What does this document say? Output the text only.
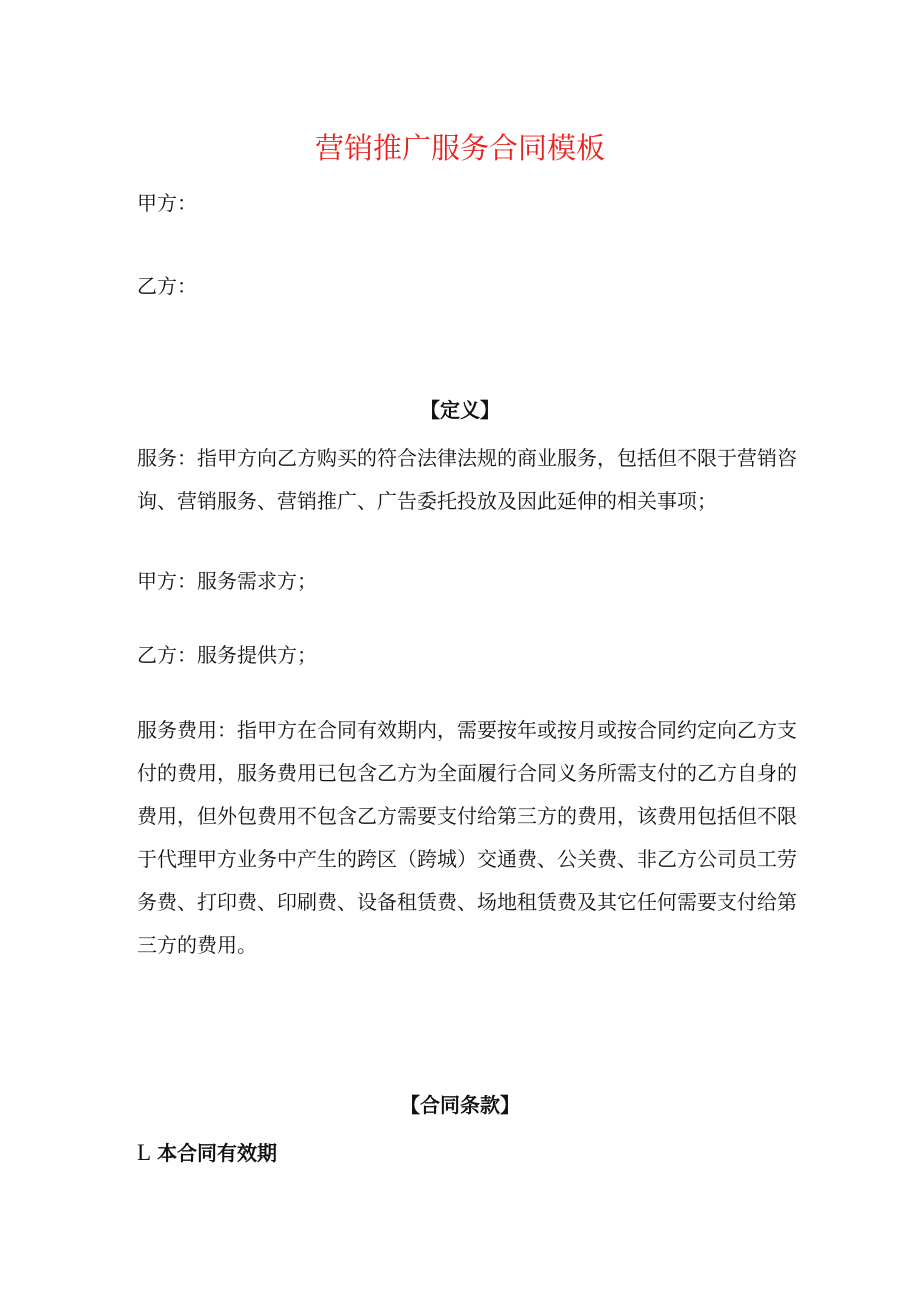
营销推广服务合同模板
甲方：
乙方：
【定义】
服务：指甲方向乙方购买的符合法律法规的商业服务，包括但不限于营销咨询、营销服务、营销推广、广告委托投放及因此延伸的相关事项；
甲方：服务需求方；
乙方：服务提供方；
服务费用：指甲方在合同有效期内，需要按年或按月或按合同约定向乙方支付的费用，服务费用已包含乙方为全面履行合同义务所需支付的乙方自身的费用，但外包费用不包含乙方需要支付给第三方的费用，该费用包括但不限于代理甲方业务中产生的跨区（跨城）交通费、公关费、非乙方公司员工劳务费、打印费、印刷费、设备租赁费、场地租赁费及其它任何需要支付给第三方的费用。
【合同条款】
L 本合同有效期
